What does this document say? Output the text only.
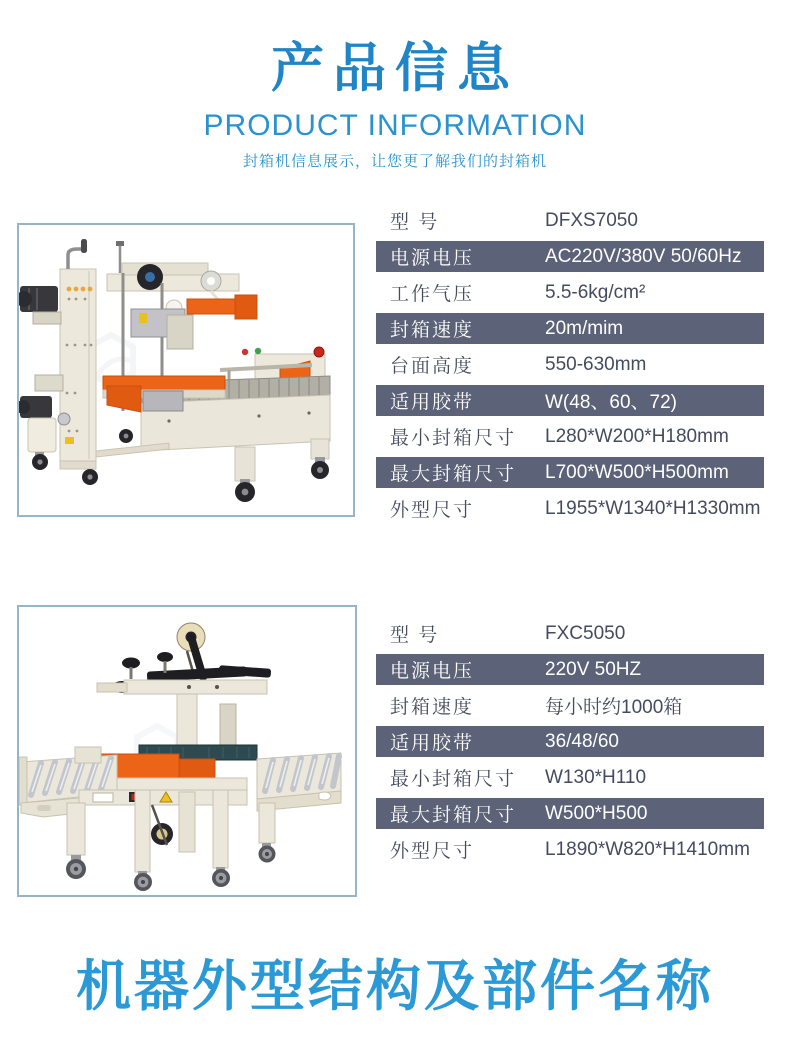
产品信息
PRODUCT INFORMATION
封箱机信息展示，让您更了解我们的封箱机
型 号	DFXS7050
电源电压	AC220V/380V 50/60Hz
工作气压	5.5-6kg/cm²
封箱速度	20m/mim
台面高度	550-630mm
适用胶带	W(48、60、72)
最小封箱尺寸	L280*W200*H180mm
最大封箱尺寸	L700*W500*H500mm
外型尺寸	L1955*W1340*H1330mm
型 号	FXC5050
电源电压	220V 50HZ
封箱速度	每小时约1000箱
适用胶带	36/48/60
最小封箱尺寸	W130*H110
最大封箱尺寸	W500*H500
外型尺寸	L1890*W820*H1410mm
机器外型结构及部件名称
